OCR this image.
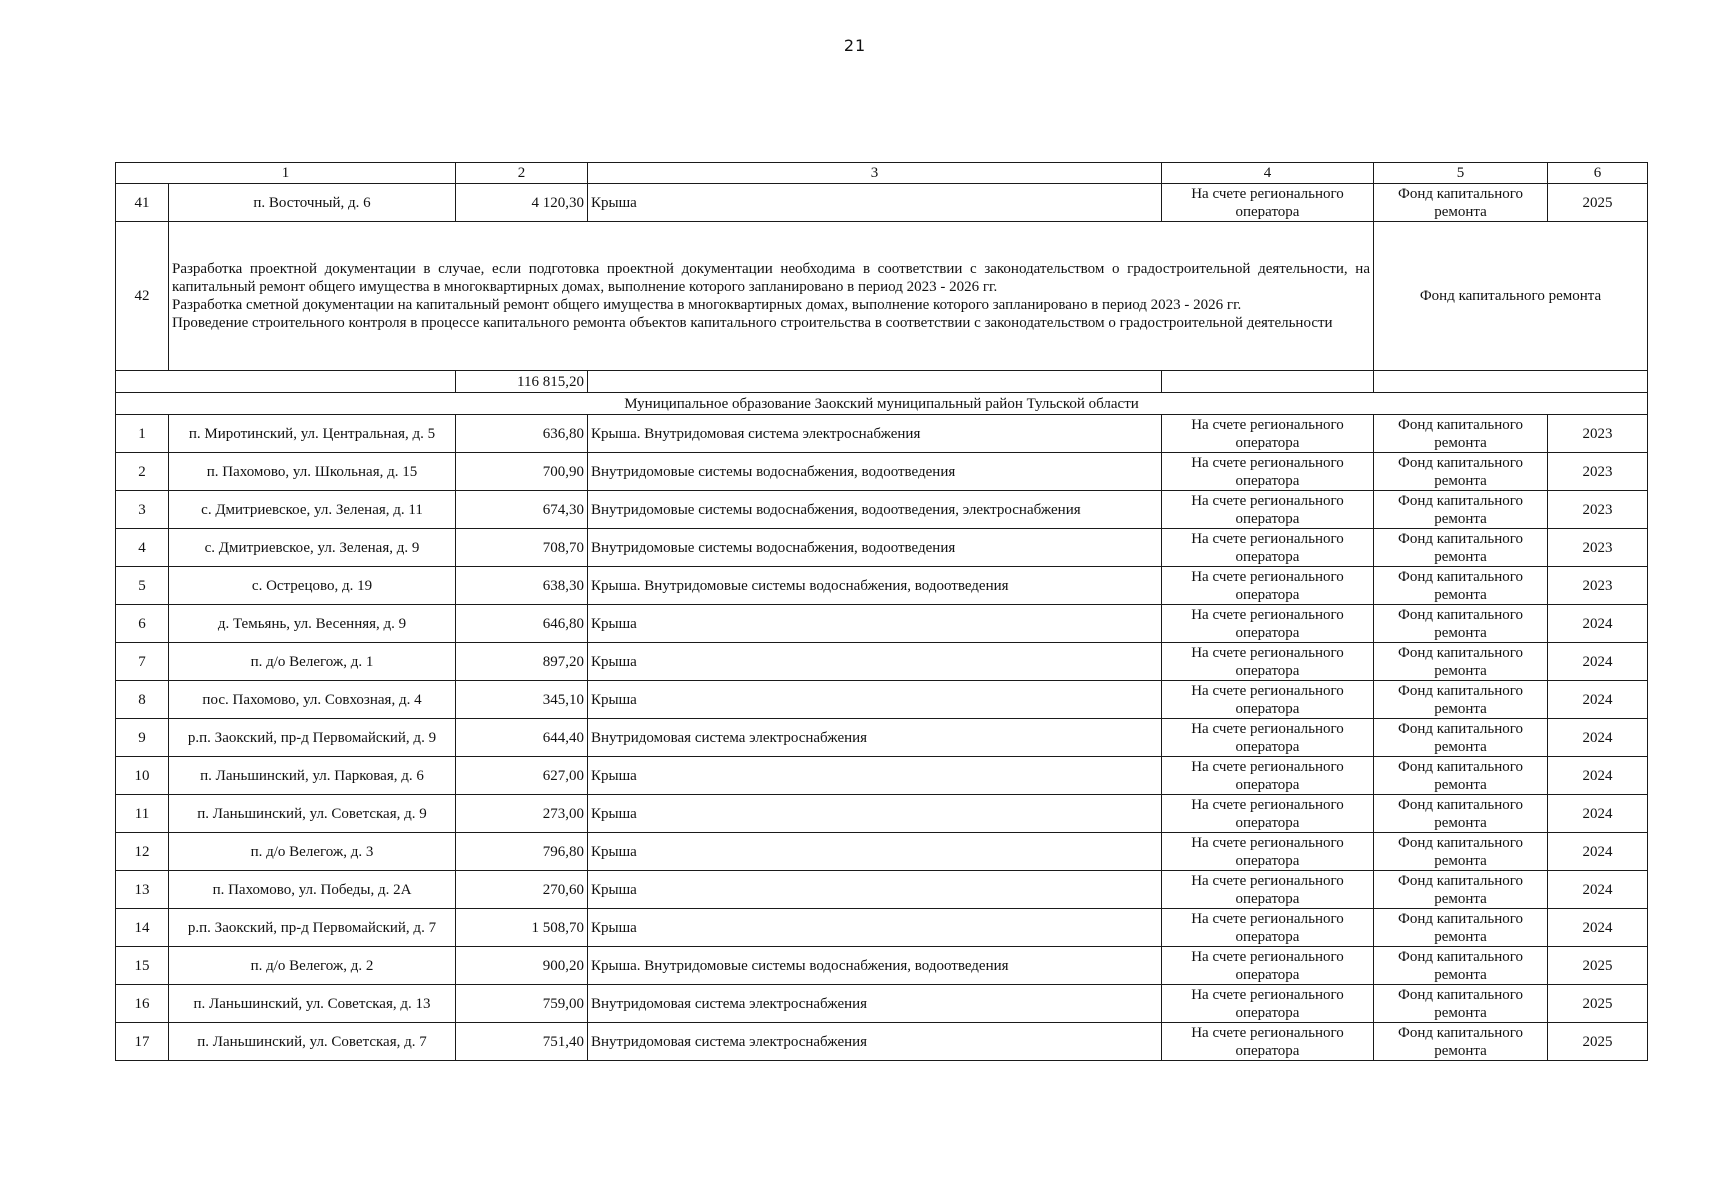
21
1		2	3	4	5	6
41	п. Восточный, д. 6	4 120,30	Крыша	На счете регионального оператора	Фонд капитального ремонта	2025
42	Разработка проектной документации в случае, если подготовка проектной документации необходима в соответствии с законодательством о градостроительной деятельности, на капитальный ремонт общего имущества в многоквартирных домах, выполнение которого запланировано в период 2023 - 2026 гг.

Разработка сметной документации на капитальный ремонт общего имущества в многоквартирных домах, выполнение которого запланировано в период 2023 - 2026 гг.

Проведение строительного контроля в процессе капитального ремонта объектов капитального строительства в соответствии с законодательством о градостроительной деятельности				Фонд капитального ремонта	
		116 815,20				
Муниципальное образование Заокский муниципальный район Тульской области						
1	п. Миротинский, ул. Центральная, д. 5	636,80	Крыша. Внутридомовая система электроснабжения	На счете регионального оператора	Фонд капитального ремонта	2023
2	п. Пахомово, ул. Школьная, д. 15	700,90	Внутридомовые системы водоснабжения, водоотведения	На счете регионального оператора	Фонд капитального ремонта	2023
3	с. Дмитриевское, ул. Зеленая, д. 11	674,30	Внутридомовые системы водоснабжения, водоотведения, электроснабжения	На счете регионального оператора	Фонд капитального ремонта	2023
4	с. Дмитриевское, ул. Зеленая, д. 9	708,70	Внутридомовые системы водоснабжения, водоотведения	На счете регионального оператора	Фонд капитального ремонта	2023
5	с. Острецово, д. 19	638,30	Крыша. Внутридомовые системы водоснабжения, водоотведения	На счете регионального оператора	Фонд капитального ремонта	2023
6	д. Темьянь, ул. Весенняя, д. 9	646,80	Крыша	На счете регионального оператора	Фонд капитального ремонта	2024
7	п. д/о Велегож, д. 1	897,20	Крыша	На счете регионального оператора	Фонд капитального ремонта	2024
8	пос. Пахомово, ул. Совхозная, д. 4	345,10	Крыша	На счете регионального оператора	Фонд капитального ремонта	2024
9	р.п. Заокский, пр-д Первомайский, д. 9	644,40	Внутридомовая система электроснабжения	На счете регионального оператора	Фонд капитального ремонта	2024
10	п. Ланьшинский, ул. Парковая, д. 6	627,00	Крыша	На счете регионального оператора	Фонд капитального ремонта	2024
11	п. Ланьшинский, ул. Советская, д. 9	273,00	Крыша	На счете регионального оператора	Фонд капитального ремонта	2024
12	п. д/о Велегож, д. 3	796,80	Крыша	На счете регионального оператора	Фонд капитального ремонта	2024
13	п. Пахомово, ул. Победы, д. 2А	270,60	Крыша	На счете регионального оператора	Фонд капитального ремонта	2024
14	р.п. Заокский, пр-д Первомайский, д. 7	1 508,70	Крыша	На счете регионального оператора	Фонд капитального ремонта	2024
15	п. д/о Велегож, д. 2	900,20	Крыша. Внутридомовые системы водоснабжения, водоотведения	На счете регионального оператора	Фонд капитального ремонта	2025
16	п. Ланьшинский, ул. Советская, д. 13	759,00	Внутридомовая система электроснабжения	На счете регионального оператора	Фонд капитального ремонта	2025
17	п. Ланьшинский, ул. Советская, д. 7	751,40	Внутридомовая система электроснабжения	На счете регионального оператора	Фонд капитального ремонта	2025
